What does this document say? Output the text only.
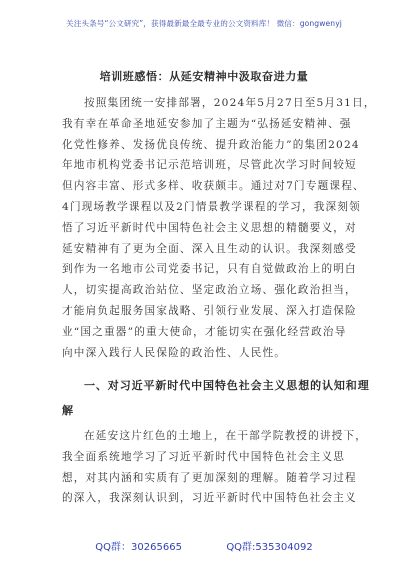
关注头条号“公文研究”，获得最新最全最专业的公文资料库！ 微信：gongwenyj
培训班感悟：从延安精神中汲取奋进力量
按照集团统一安排部署，2024年5月27日至5月31日，
我有幸在革命圣地延安参加了主题为“弘扬延安精神、强
化党性修养、发扬优良传统、提升政治能力”的集团2024
年地市机构党委书记示范培训班，尽管此次学习时间较短
但内容丰富、形式多样、收获颇丰。通过对7门专题课程、
4门现场教学课程以及2门情景教学课程的学习，我深刻领
悟了习近平新时代中国特色社会主义思想的精髓要义，对
延安精神有了更为全面、深入且生动的认识。我深刻感受
到作为一名地市公司党委书记，只有自觉做政治上的明白
人，切实提高政治站位、坚定政治立场、强化政治担当，
才能肩负起服务国家战略、引领行业发展、深入打造保险
业“国之重器”的重大使命，才能切实在强化经营政治导
向中深入践行人民保险的政治性、人民性。
一、对习近平新时代中国特色社会主义思想的认知和理
解
在延安这片红色的土地上，在干部学院教授的讲授下，
我全面系统地学习了习近平新时代中国特色社会主义思
想，对其内涵和实质有了更加深刻的理解。随着学习过程
的深入，我深刻认识到，习近平新时代中国特色社会主义
QQ群：30265665	QQ群:535304092
